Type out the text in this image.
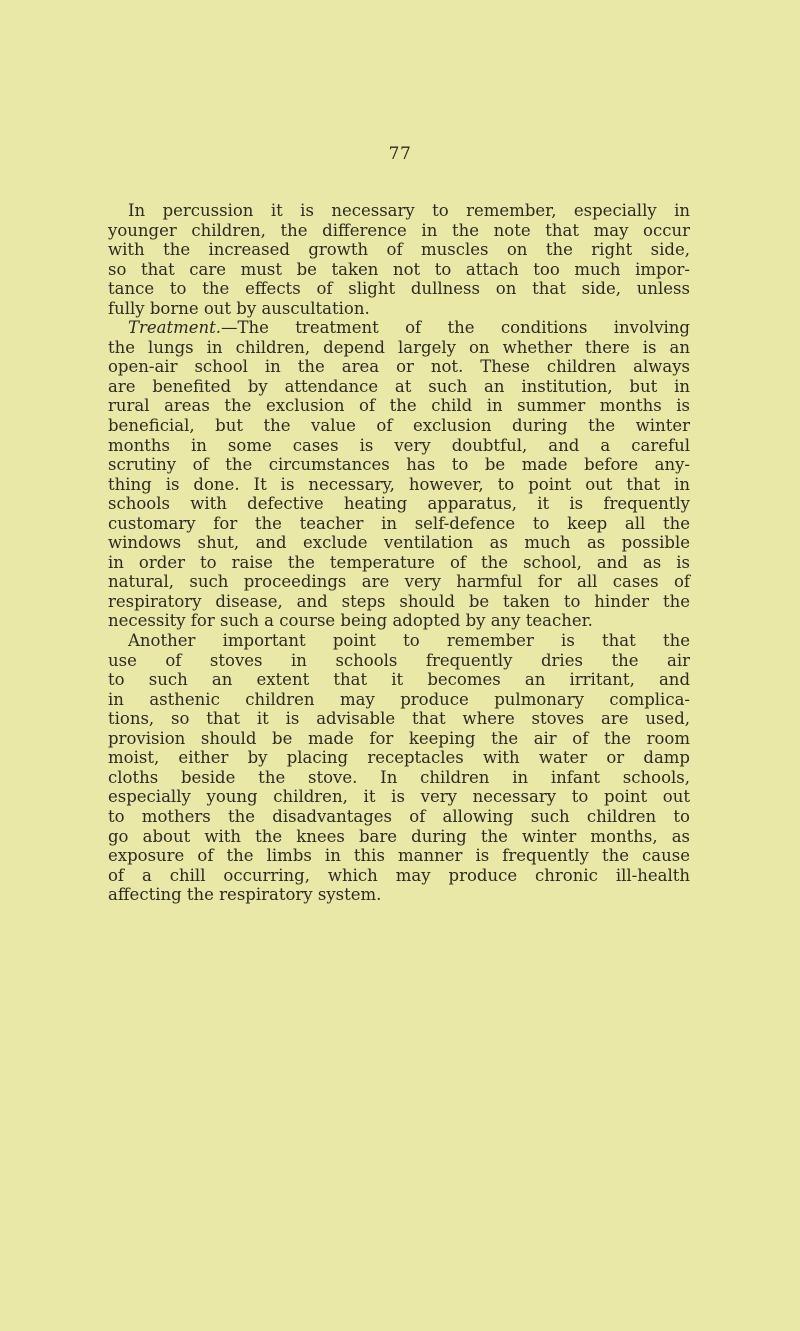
77
In percussion it is necessary to remember, especially in
younger children, the difference in the note that may occur
with the increased growth of muscles on the right side,
so that care must be taken not to attach too much impor-
tance to the effects of slight dullness on that side, unless
fully borne out by auscultation.
Treatment.—The treatment of the conditions involving
the lungs in children, depend largely on whether there is an
open-air school in the area or not. These children always
are benefited by attendance at such an institution, but in
rural areas the exclusion of the child in summer months is
beneficial, but the value of exclusion during the winter
months in some cases is very doubtful, and a careful
scrutiny of the circumstances has to be made before any-
thing is done. It is necessary, however, to point out that in
schools with defective heating apparatus, it is frequently
customary for the teacher in self-defence to keep all the
windows shut, and exclude ventilation as much as possible
in order to raise the temperature of the school, and as is
natural, such proceedings are very harmful for all cases of
respiratory disease, and steps should be taken to hinder the
necessity for such a course being adopted by any teacher.
Another important point to remember is that the
use of stoves in schools frequently dries the air
to such an extent that it becomes an irritant, and
in asthenic children may produce pulmonary complica-
tions, so that it is advisable that where stoves are used,
provision should be made for keeping the air of the room
moist, either by placing receptacles with water or damp
cloths beside the stove. In children in infant schools,
especially young children, it is very necessary to point out
to mothers the disadvantages of allowing such children to
go about with the knees bare during the winter months, as
exposure of the limbs in this manner is frequently the cause
of a chill occurring, which may produce chronic ill-health
affecting the respiratory system.
